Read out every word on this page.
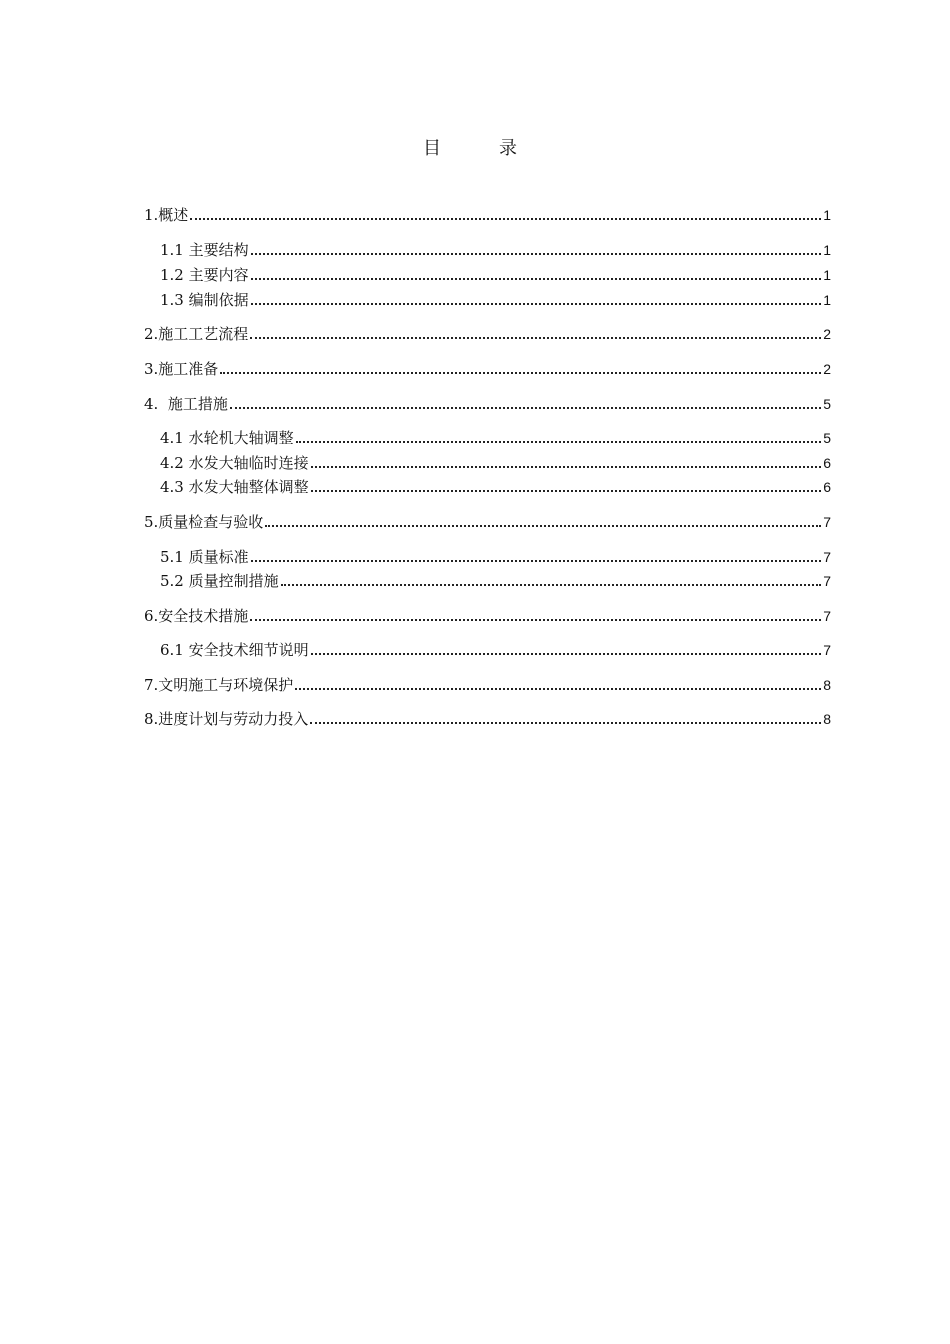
目　录
1.概述	1
1.1 主要结构	1
1.2 主要内容	1
1.3 编制依据	1
2.施工工艺流程	2
3.施工准备	2
4.  施工措施	5
4.1 水轮机大轴调整	5
4.2 水发大轴临时连接	6
4.3 水发大轴整体调整	6
5.质量检查与验收	7
5.1 质量标准	7
5.2 质量控制措施	7
6.安全技术措施	7
6.1 安全技术细节说明	7
7.文明施工与环境保护	8
8.进度计划与劳动力投入	8
